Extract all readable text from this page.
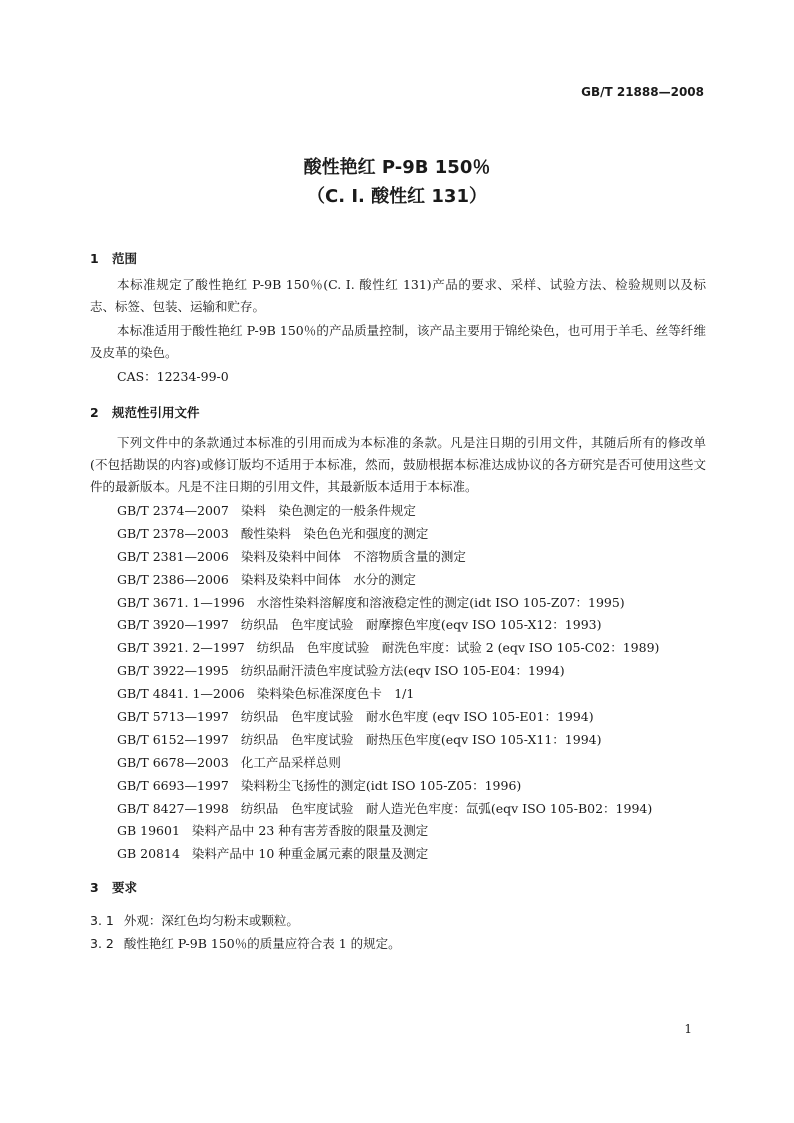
GB/T 21888—2008
酸性艳红 P-9B 150％
（C. I. 酸性红 131）
1 范围
本标准规定了酸性艳红 P-9B 150％(C. I. 酸性红 131)产品的要求、采样、试验方法、检验规则以及标志、标签、包装、运输和贮存。
本标准适用于酸性艳红 P-9B 150％的产品质量控制，该产品主要用于锦纶染色，也可用于羊毛、丝等纤维及皮革的染色。
CAS：12234-99-0
2 规范性引用文件
下列文件中的条款通过本标准的引用而成为本标准的条款。凡是注日期的引用文件，其随后所有的修改单(不包括勘误的内容)或修订版均不适用于本标准，然而，鼓励根据本标准达成协议的各方研究是否可使用这些文件的最新版本。凡是不注日期的引用文件，其最新版本适用于本标准。
GB/T 2374—2007 染料　染色测定的一般条件规定
GB/T 2378—2003 酸性染料　染色色光和强度的测定
GB/T 2381—2006 染料及染料中间体　不溶物质含量的测定
GB/T 2386—2006 染料及染料中间体　水分的测定
GB/T 3671. 1—1996 水溶性染料溶解度和溶液稳定性的测定(idt ISO 105-Z07：1995)
GB/T 3920—1997 纺织品　色牢度试验　耐摩擦色牢度(eqv ISO 105-X12：1993)
GB/T 3921. 2—1997 纺织品　色牢度试验　耐洗色牢度：试验 2 (eqv ISO 105-C02：1989)
GB/T 3922—1995 纺织品耐汗渍色牢度试验方法(eqv ISO 105-E04：1994)
GB/T 4841. 1—2006 染料染色标准深度色卡　1/1
GB/T 5713—1997 纺织品　色牢度试验　耐水色牢度 (eqv ISO 105-E01：1994)
GB/T 6152—1997 纺织品　色牢度试验　耐热压色牢度(eqv ISO 105-X11：1994)
GB/T 6678—2003 化工产品采样总则
GB/T 6693—1997 染料粉尘飞扬性的测定(idt ISO 105-Z05：1996)
GB/T 8427—1998 纺织品　色牢度试验　耐人造光色牢度：氙弧(eqv ISO 105-B02：1994)
GB 19601 染料产品中 23 种有害芳香胺的限量及测定
GB 20814 染料产品中 10 种重金属元素的限量及测定
3 要求
3. 1 外观：深红色均匀粉末或颗粒。
3. 2 酸性艳红 P-9B 150％的质量应符合表 1 的规定。
1
